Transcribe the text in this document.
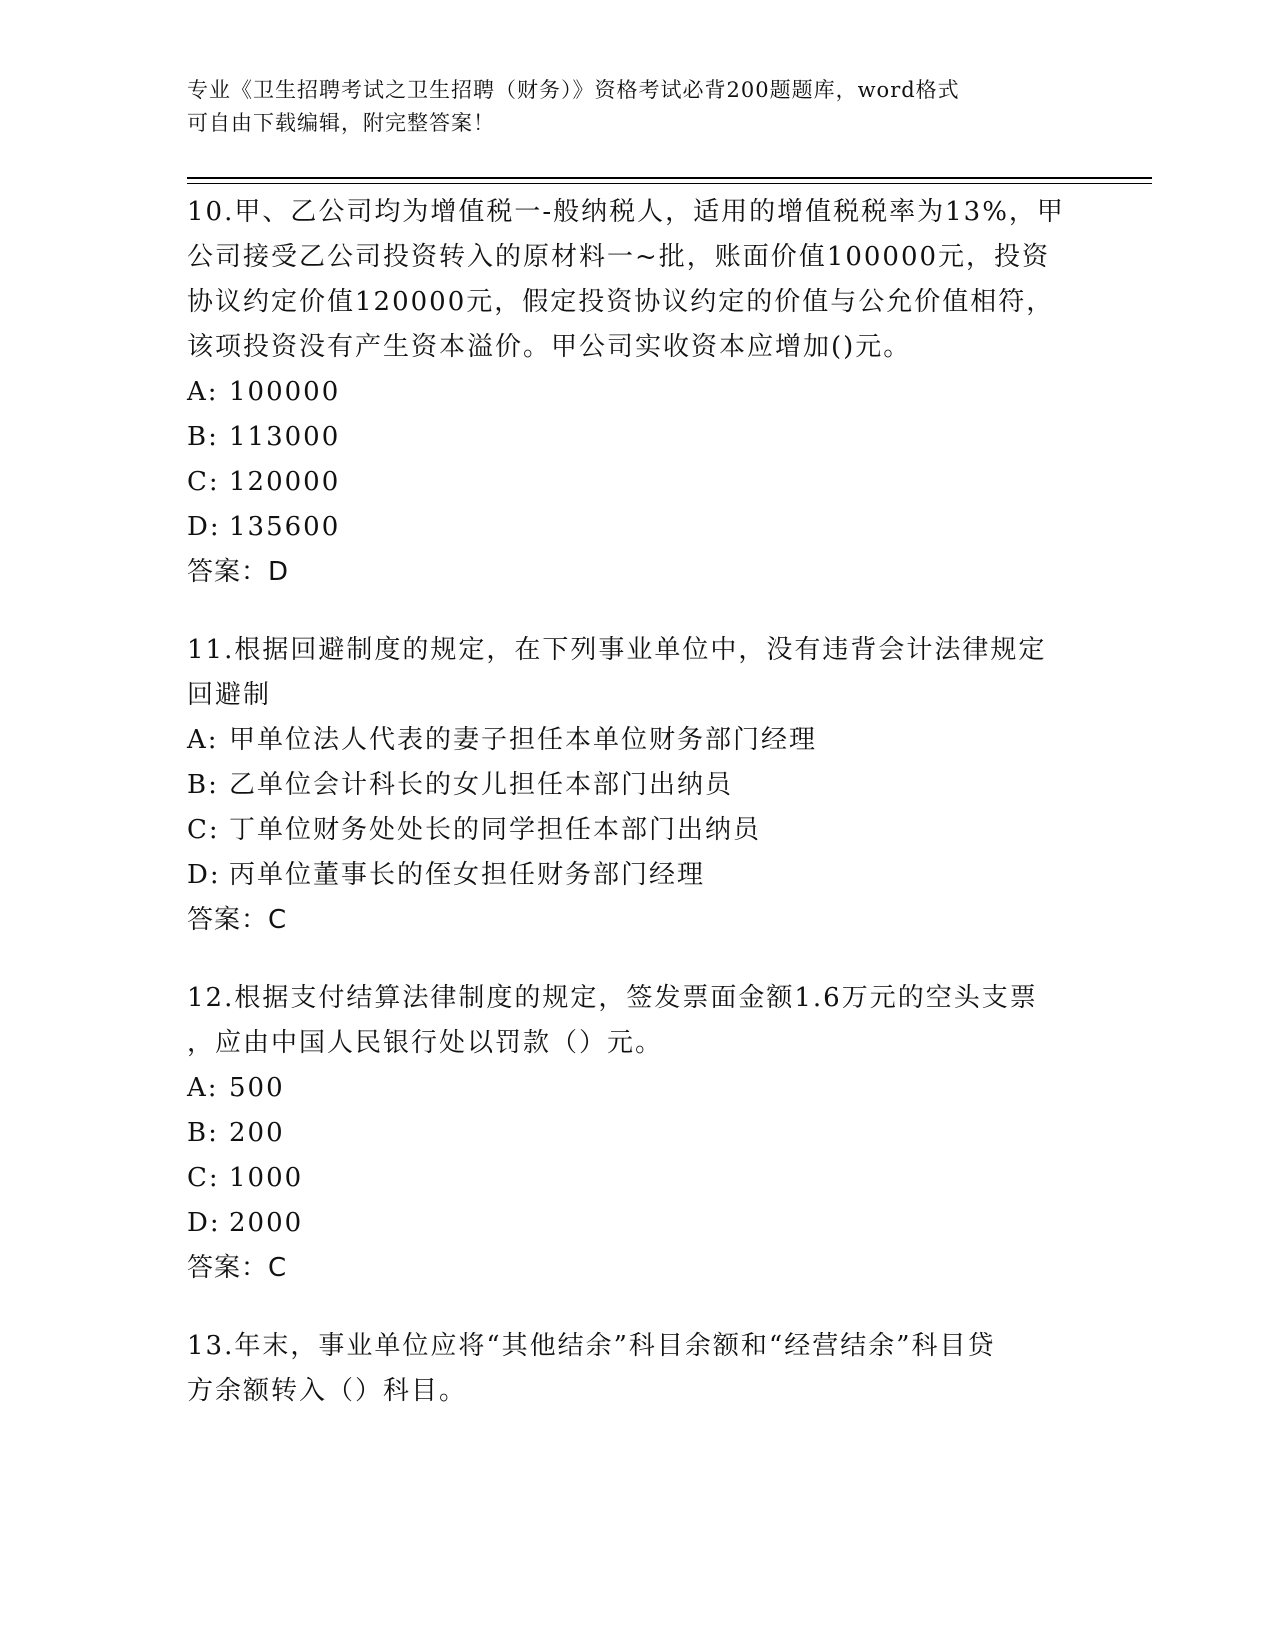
专业《卫生招聘考试之卫生招聘（财务）》资格考试必背200题题库，word格式
可自由下载编辑，附完整答案！

10.甲、乙公司均为增值税一-般纳税人，适用的增值税税率为13%，甲

公司接受乙公司投资转入的原材料一~批，账面价值100000元，投资

协议约定价值120000元，假定投资协议约定的价值与公允价值相符，

该项投资没有产生资本溢价。甲公司实收资本应增加()元。

A: 100000
B: 113000
C: 120000
D: 135600
答案：D

11.根据回避制度的规定，在下列事业单位中，没有违背会计法律规定

回避制

A: 甲单位法人代表的妻子担任本单位财务部门经理
B: 乙单位会计科长的女儿担任本部门出纳员
C: 丁单位财务处处长的同学担任本部门出纳员
D: 丙单位董事长的侄女担任财务部门经理
答案：C

12.根据支付结算法律制度的规定，签发票面金额1.6万元的空头支票

，应由中国人民银行处以罚款（）元。

A: 500
B: 200
C: 1000
D: 2000
答案：C

13.年末，事业单位应将“其他结余”科目余额和“经营结余”科目贷

方余额转入（）科目。
